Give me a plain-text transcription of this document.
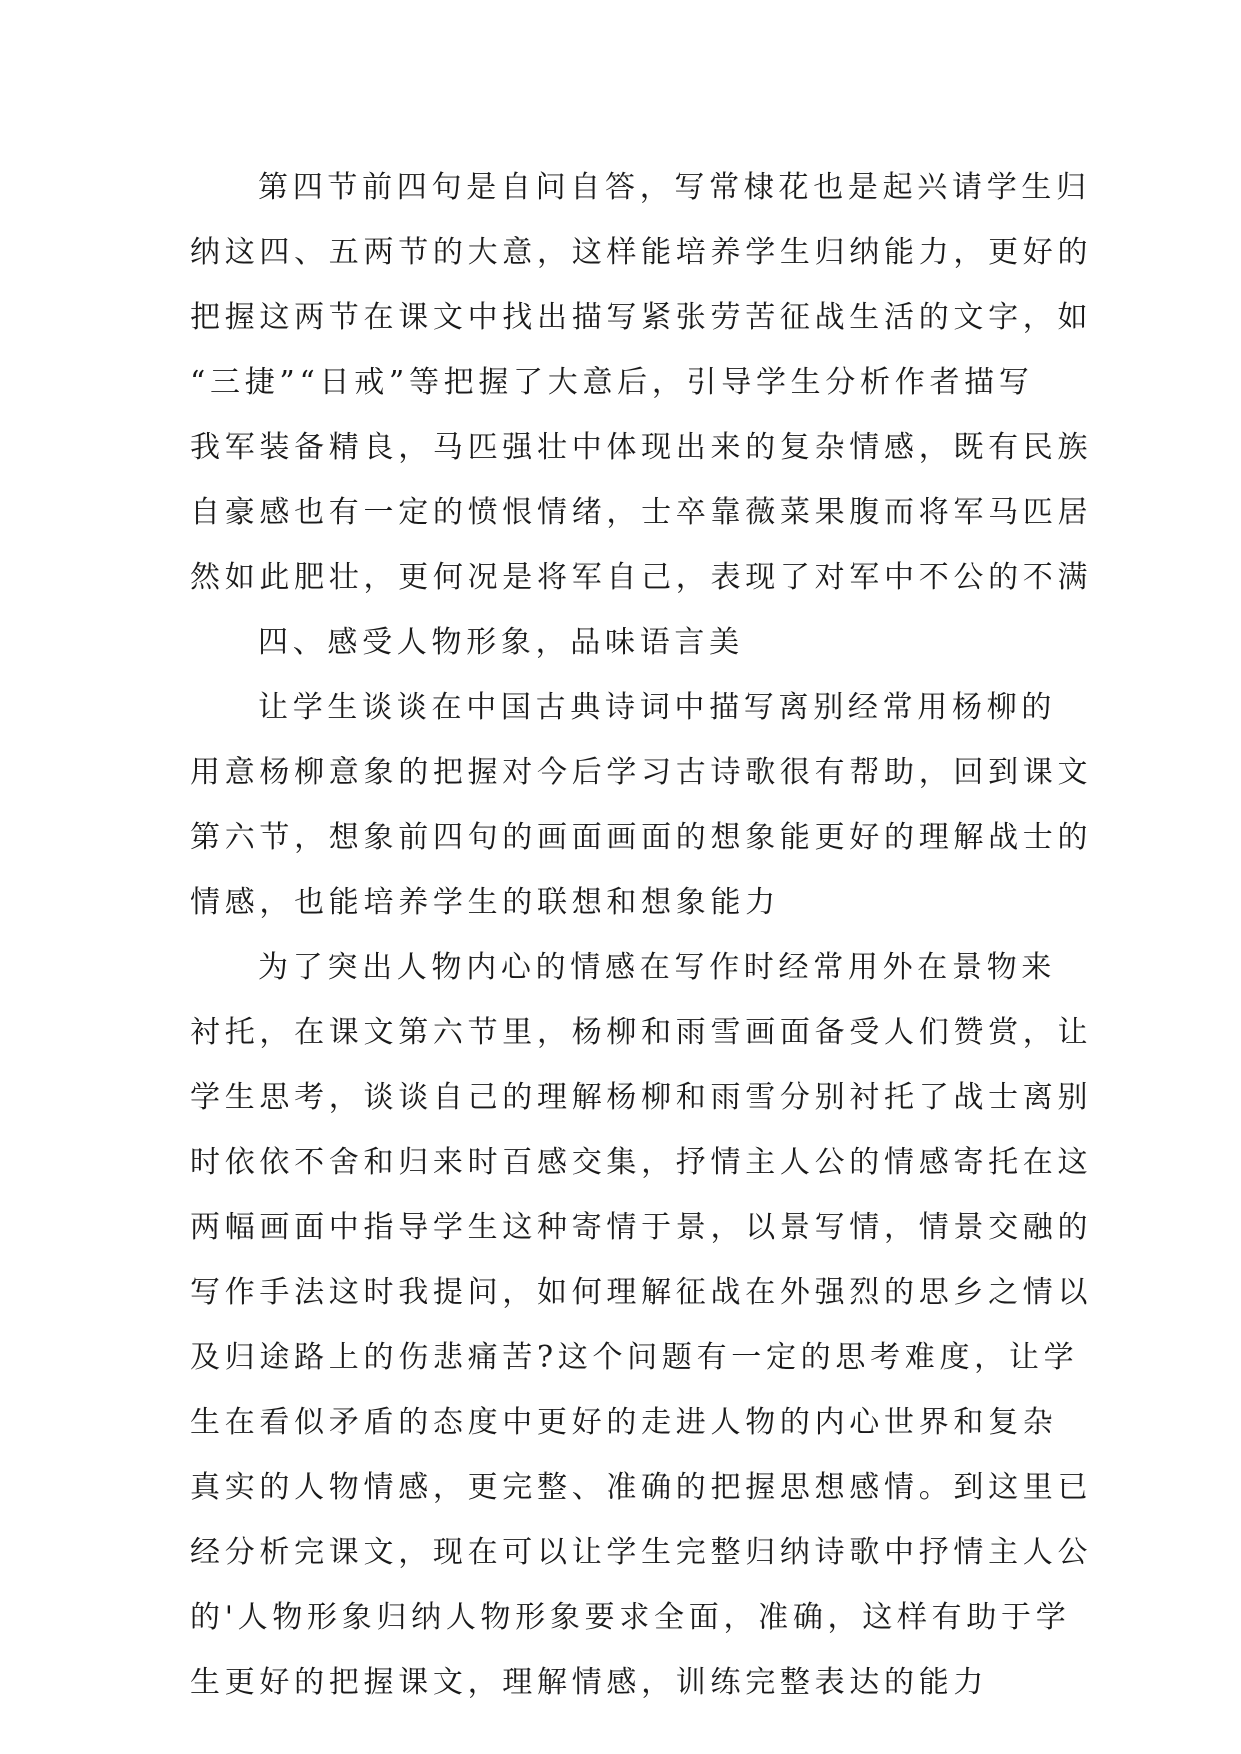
第四节前四句是自问自答，写常棣花也是起兴请学生归
纳这四、五两节的大意，这样能培养学生归纳能力，更好的
把握这两节在课文中找出描写紧张劳苦征战生活的文字，如
“三捷”“日戒”等把握了大意后，引导学生分析作者描写
我军装备精良，马匹强壮中体现出来的复杂情感，既有民族
自豪感也有一定的愤恨情绪，士卒靠薇菜果腹而将军马匹居
然如此肥壮，更何况是将军自己，表现了对军中不公的不满
四、感受人物形象，品味语言美
让学生谈谈在中国古典诗词中描写离别经常用杨柳的
用意杨柳意象的把握对今后学习古诗歌很有帮助，回到课文
第六节，想象前四句的画面画面的想象能更好的理解战士的
情感，也能培养学生的联想和想象能力
为了突出人物内心的情感在写作时经常用外在景物来
衬托，在课文第六节里，杨柳和雨雪画面备受人们赞赏，让
学生思考，谈谈自己的理解杨柳和雨雪分别衬托了战士离别
时依依不舍和归来时百感交集，抒情主人公的情感寄托在这
两幅画面中指导学生这种寄情于景，以景写情，情景交融的
写作手法这时我提问，如何理解征战在外强烈的思乡之情以
及归途路上的伤悲痛苦?这个问题有一定的思考难度，让学
生在看似矛盾的态度中更好的走进人物的内心世界和复杂
真实的人物情感，更完整、准确的把握思想感情。到这里已
经分析完课文，现在可以让学生完整归纳诗歌中抒情主人公
的'人物形象归纳人物形象要求全面，准确，这样有助于学
生更好的把握课文，理解情感，训练完整表达的能力
